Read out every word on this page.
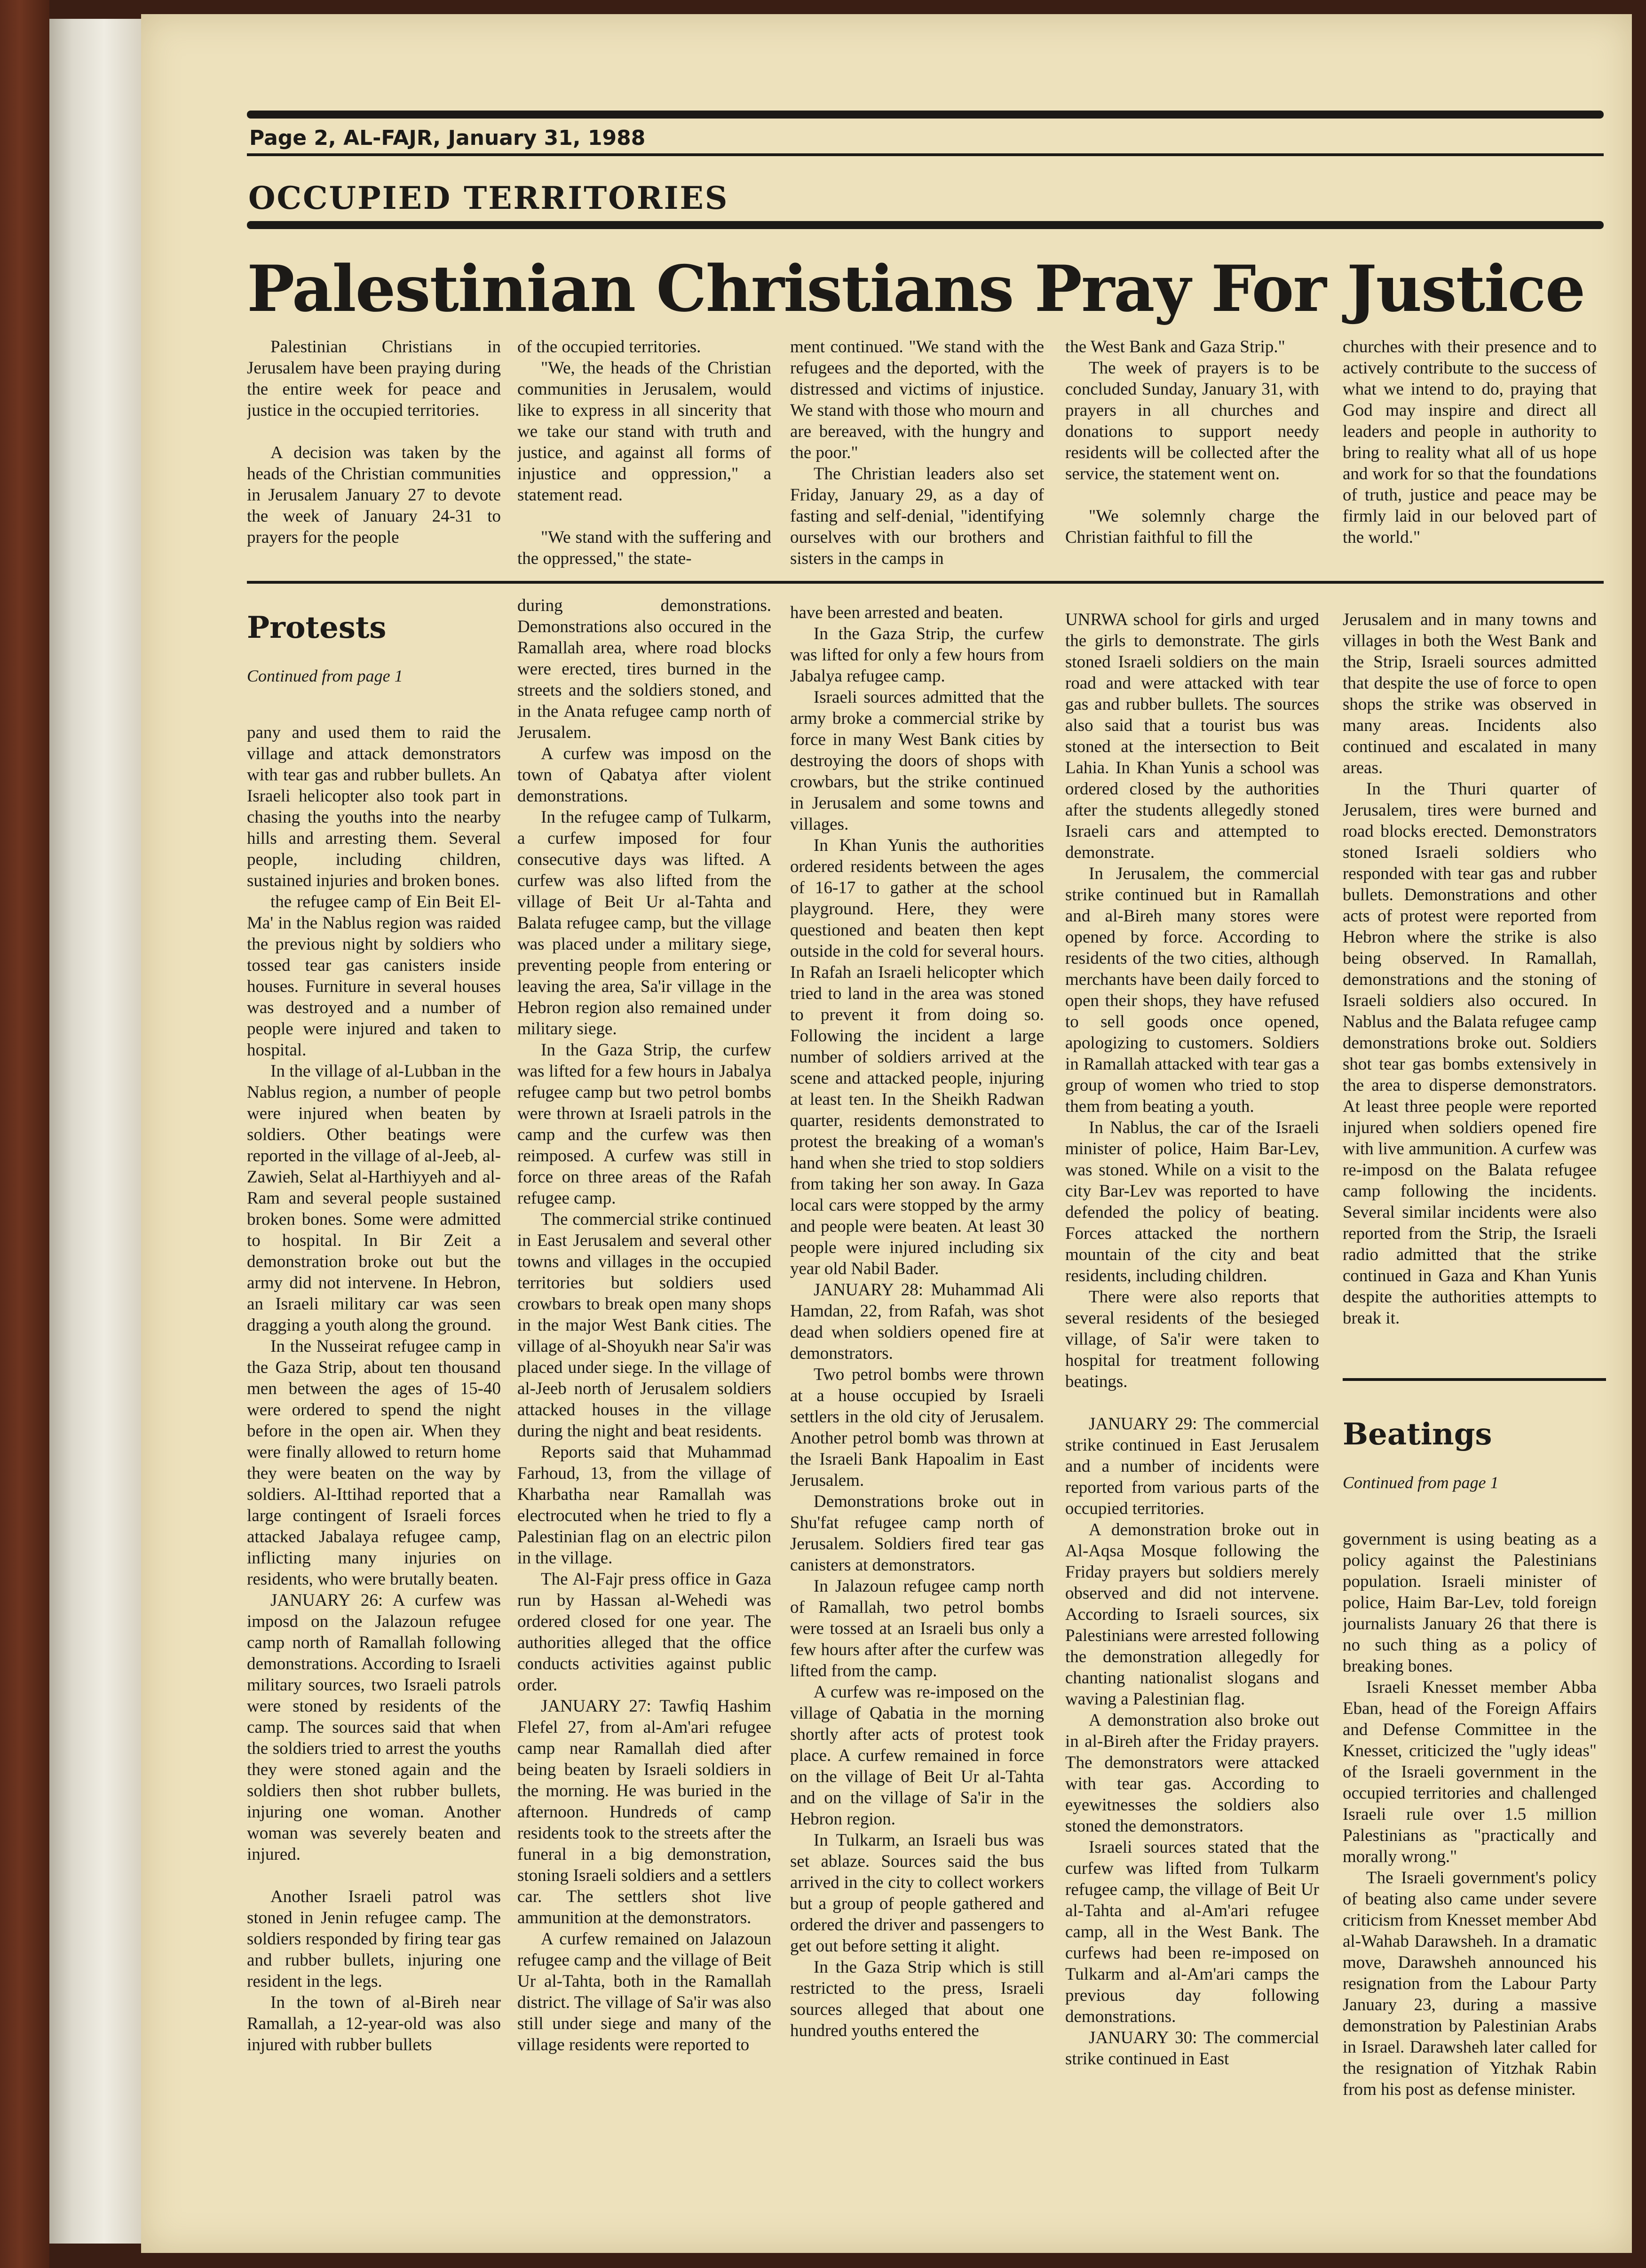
Page 2, AL-FAJR, January 31, 1988
OCCUPIED TERRITORIES
Palestinian Christians Pray For Justice

Palestinian Christians in Jerusalem have been praying during the entire week for peace and justice in the occupied territories.

A decision was taken by the heads of the Christian communities in Jerusalem January 27 to devote the week of January 24-31 to prayers for the people

of the occupied territories.

"We, the heads of the Christian communities in Jerusalem, would like to express in all sincerity that we take our stand with truth and justice, and against all forms of injustice and oppression," a statement read.

"We stand with the suffering and the oppressed," the state-

ment continued. "We stand with the refugees and the deported, with the distressed and victims of injustice. We stand with those who mourn and are bereaved, with the hungry and the poor."

The Christian leaders also set Friday, January 29, as a day of fasting and self-denial, "identifying ourselves with our brothers and sisters in the camps in

the West Bank and Gaza Strip."

The week of prayers is to be concluded Sunday, January 31, with prayers in all churches and donations to support needy residents will be collected after the service, the statement went on.

"We solemnly charge the Christian faithful to fill the

churches with their presence and to actively contribute to the success of what we intend to do, praying that God may inspire and direct all leaders and people in authority to bring to reality what all of us hope and work for so that the foundations of truth, justice and peace may be firmly laid in our beloved part of the world."

Protests
Continued from page 1

pany and used them to raid the village and attack demonstrators with tear gas and rubber bullets. An Israeli helicopter also took part in chasing the youths into the nearby hills and arresting them. Several people, including children, sustained injuries and broken bones.

the refugee camp of Ein Beit El-Ma' in the Nablus region was raided the previous night by soldiers who tossed tear gas canisters inside houses. Furniture in several houses was destroyed and a number of people were injured and taken to hospital.

In the village of al-Lubban in the Nablus region, a number of people were injured when beaten by soldiers. Other beatings were reported in the village of al-Jeeb, al-Zawieh, Selat al-Harthiyyeh and al-Ram and several people sustained broken bones. Some were admitted to hospital. In Bir Zeit a demonstration broke out but the army did not intervene. In Hebron, an Israeli military car was seen dragging a youth along the ground.

In the Nusseirat refugee camp in the Gaza Strip, about ten thousand men between the ages of 15-40 were ordered to spend the night before in the open air. When they were finally allowed to return home they were beaten on the way by soldiers. Al-Ittihad reported that a large contingent of Israeli forces attacked Jabalaya refugee camp, inflicting many injuries on residents, who were brutally beaten.

JANUARY 26: A curfew was imposd on the Jalazoun refugee camp north of Ramallah following demonstrations. According to Israeli military sources, two Israeli patrols were stoned by residents of the camp. The sources said that when the soldiers tried to arrest the youths they were stoned again and the soldiers then shot rubber bullets, injuring one woman. Another woman was severely beaten and injured.

Another Israeli patrol was stoned in Jenin refugee camp. The soldiers responded by firing tear gas and rubber bullets, injuring one resident in the legs.

In the town of al-Bireh near Ramallah, a 12-year-old was also injured with rubber bullets

during demonstrations. Demonstrations also occured in the Ramallah area, where road blocks were erected, tires burned in the streets and the soldiers stoned, and in the Anata refugee camp north of Jerusalem.

A curfew was imposd on the town of Qabatya after violent demonstrations.

In the refugee camp of Tulkarm, a curfew imposed for four consecutive days was lifted. A curfew was also lifted from the village of Beit Ur al-Tahta and Balata refugee camp, but the village was placed under a military siege, preventing people from entering or leaving the area, Sa'ir village in the Hebron region also remained under military siege.

In the Gaza Strip, the curfew was lifted for a few hours in Jabalya refugee camp but two petrol bombs were thrown at Israeli patrols in the camp and the curfew was then reimposed. A curfew was still in force on three areas of the Rafah refugee camp.

The commercial strike continued in East Jerusalem and several other towns and villages in the occupied territories but soldiers used crowbars to break open many shops in the major West Bank cities. The village of al-Shoyukh near Sa'ir was placed under siege. In the village of al-Jeeb north of Jerusalem soldiers attacked houses in the village during the night and beat residents.

Reports said that Muhammad Farhoud, 13, from the village of Kharbatha near Ramallah was electrocuted when he tried to fly a Palestinian flag on an electric pilon in the village.

The Al-Fajr press office in Gaza run by Hassan al-Wehedi was ordered closed for one year. The authorities alleged that the office conducts activities against public order.

JANUARY 27: Tawfiq Hashim Flefel 27, from al-Am'ari refugee camp near Ramallah died after being beaten by Israeli soldiers in the morning. He was buried in the afternoon. Hundreds of camp residents took to the streets after the funeral in a big demonstration, stoning Israeli soldiers and a settlers car. The settlers shot live ammunition at the demonstrators.

A curfew remained on Jalazoun refugee camp and the village of Beit Ur al-Tahta, both in the Ramallah district. The village of Sa'ir was also still under siege and many of the village residents were reported to

have been arrested and beaten.

In the Gaza Strip, the curfew was lifted for only a few hours from Jabalya refugee camp.

Israeli sources admitted that the army broke a commercial strike by force in many West Bank cities by destroying the doors of shops with crowbars, but the strike continued in Jerusalem and some towns and villages.

In Khan Yunis the authorities ordered residents between the ages of 16-17 to gather at the school playground. Here, they were questioned and beaten then kept outside in the cold for several hours. In Rafah an Israeli helicopter which tried to land in the area was stoned to prevent it from doing so. Following the incident a large number of soldiers arrived at the scene and attacked people, injuring at least ten. In the Sheikh Radwan quarter, residents demonstrated to protest the breaking of a woman's hand when she tried to stop soldiers from taking her son away. In Gaza local cars were stopped by the army and people were beaten. At least 30 people were injured including six year old Nabil Bader.

JANUARY 28: Muhammad Ali Hamdan, 22, from Rafah, was shot dead when soldiers opened fire at demonstrators.

Two petrol bombs were thrown at a house occupied by Israeli settlers in the old city of Jerusalem. Another petrol bomb was thrown at the Israeli Bank Hapoalim in East Jerusalem.

Demonstrations broke out in Shu'fat refugee camp north of Jerusalem. Soldiers fired tear gas canisters at demonstrators.

In Jalazoun refugee camp north of Ramallah, two petrol bombs were tossed at an Israeli bus only a few hours after after the curfew was lifted from the camp.

A curfew was re-imposed on the village of Qabatia in the morning shortly after acts of protest took place. A curfew remained in force on the village of Beit Ur al-Tahta and on the village of Sa'ir in the Hebron region.

In Tulkarm, an Israeli bus was set ablaze. Sources said the bus arrived in the city to collect workers but a group of people gathered and ordered the driver and passengers to get out before setting it alight.

In the Gaza Strip which is still restricted to the press, Israeli sources alleged that about one hundred youths entered the

UNRWA school for girls and urged the girls to demonstrate. The girls stoned Israeli soldiers on the main road and were attacked with tear gas and rubber bullets. The sources also said that a tourist bus was stoned at the intersection to Beit Lahia. In Khan Yunis a school was ordered closed by the authorities after the students allegedly stoned Israeli cars and attempted to demonstrate.

In Jerusalem, the commercial strike continued but in Ramallah and al-Bireh many stores were opened by force. According to residents of the two cities, although merchants have been daily forced to open their shops, they have refused to sell goods once opened, apologizing to customers. Soldiers in Ramallah attacked with tear gas a group of women who tried to stop them from beating a youth.

In Nablus, the car of the Israeli minister of police, Haim Bar-Lev, was stoned. While on a visit to the city Bar-Lev was reported to have defended the policy of beating. Forces attacked the northern mountain of the city and beat residents, including children.

There were also reports that several residents of the besieged village, of Sa'ir were taken to hospital for treatment following beatings.

JANUARY 29: The commercial strike continued in East Jerusalem and a number of incidents were reported from various parts of the occupied territories.

A demonstration broke out in Al-Aqsa Mosque following the Friday prayers but soldiers merely observed and did not intervene. According to Israeli sources, six Palestinians were arrested following the demonstration allegedly for chanting nationalist slogans and waving a Palestinian flag.

A demonstration also broke out in al-Bireh after the Friday prayers. The demonstrators were attacked with tear gas. According to eyewitnesses the soldiers also stoned the demonstrators.

Israeli sources stated that the curfew was lifted from Tulkarm refugee camp, the village of Beit Ur al-Tahta and al-Am'ari refugee camp, all in the West Bank. The curfews had been re-imposed on Tulkarm and al-Am'ari camps the previous day following demonstrations.

JANUARY 30: The commercial strike continued in East

Jerusalem and in many towns and villages in both the West Bank and the Strip, Israeli sources admitted that despite the use of force to open shops the strike was observed in many areas. Incidents also continued and escalated in many areas.

In the Thuri quarter of Jerusalem, tires were burned and road blocks erected. Demonstrators stoned Israeli soldiers who responded with tear gas and rubber bullets. Demonstrations and other acts of protest were reported from Hebron where the strike is also being observed. In Ramallah, demonstrations and the stoning of Israeli soldiers also occured. In Nablus and the Balata refugee camp demonstrations broke out. Soldiers shot tear gas bombs extensively in the area to disperse demonstrators. At least three people were reported injured when soldiers opened fire with live ammunition. A curfew was re-imposd on the Balata refugee camp following the incidents. Several similar incidents were also reported from the Strip, the Israeli radio admitted that the strike continued in Gaza and Khan Yunis despite the authorities attempts to break it.

Beatings
Continued from page 1

government is using beating as a policy against the Palestinians population. Israeli minister of police, Haim Bar-Lev, told foreign journalists January 26 that there is no such thing as a policy of breaking bones.

Israeli Knesset member Abba Eban, head of the Foreign Affairs and Defense Committee in the Knesset, criticized the "ugly ideas" of the Israeli government in the occupied territories and challenged Israeli rule over 1.5 million Palestinians as "practically and morally wrong."

The Israeli government's policy of beating also came under severe criticism from Knesset member Abd al-Wahab Darawsheh. In a dramatic move, Darawsheh announced his resignation from the Labour Party January 23, during a massive demonstration by Palestinian Arabs in Israel. Darawsheh later called for the resignation of Yitzhak Rabin from his post as defense minister.
